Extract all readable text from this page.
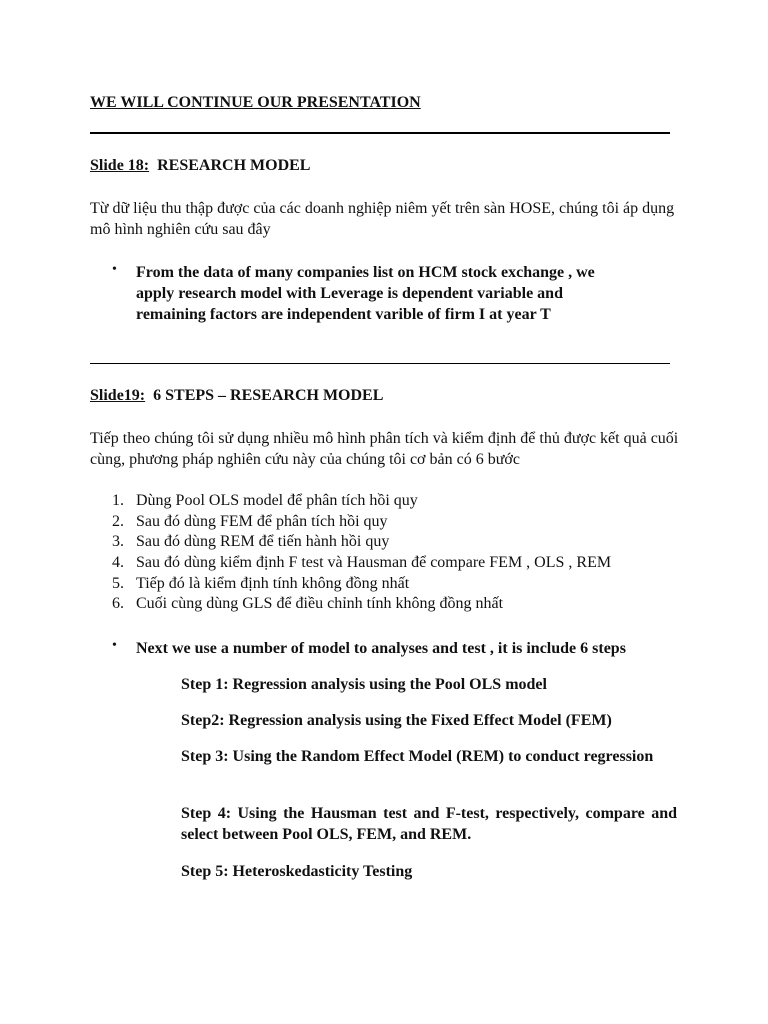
WE WILL CONTINUE OUR PRESENTATION
Slide 18: RESEARCH MODEL
Từ dữ liệu thu thập được của các doanh nghiệp niêm yết trên sàn HOSE, chúng tôi áp dụng mô hình nghiên cứu sau đây
•	From the data of many companies list on HCM stock exchange , we apply research model with Leverage is dependent variable and remaining factors are independent varible of firm I at year T
Slide19: 6 STEPS – RESEARCH MODEL
Tiếp theo chúng tôi sử dụng nhiều mô hình phân tích và kiểm định để thủ được kết quả cuối cùng, phương pháp nghiên cứu này của chúng tôi cơ bản có 6 bước
1. Dùng Pool OLS model để phân tích hồi quy
2. Sau đó dùng FEM để phân tích hồi quy
3. Sau đó dùng REM để tiến hành hồi quy
4. Sau đó dùng kiểm định F test và Hausman để compare FEM , OLS , REM
5. Tiếp đó là kiểm định tính không đồng nhất
6. Cuối cùng dùng GLS để điều chỉnh tính không đồng nhất
•	Next we use a number of model to analyses and test , it is include 6 steps
Step 1: Regression analysis using the Pool OLS model
Step2: Regression analysis using the Fixed Effect Model (FEM)
Step 3: Using the Random Effect Model (REM) to conduct regression
Step 4: Using the Hausman test and F-test, respectively, compare and select between Pool OLS, FEM, and REM.
Step 5: Heteroskedasticity Testing
